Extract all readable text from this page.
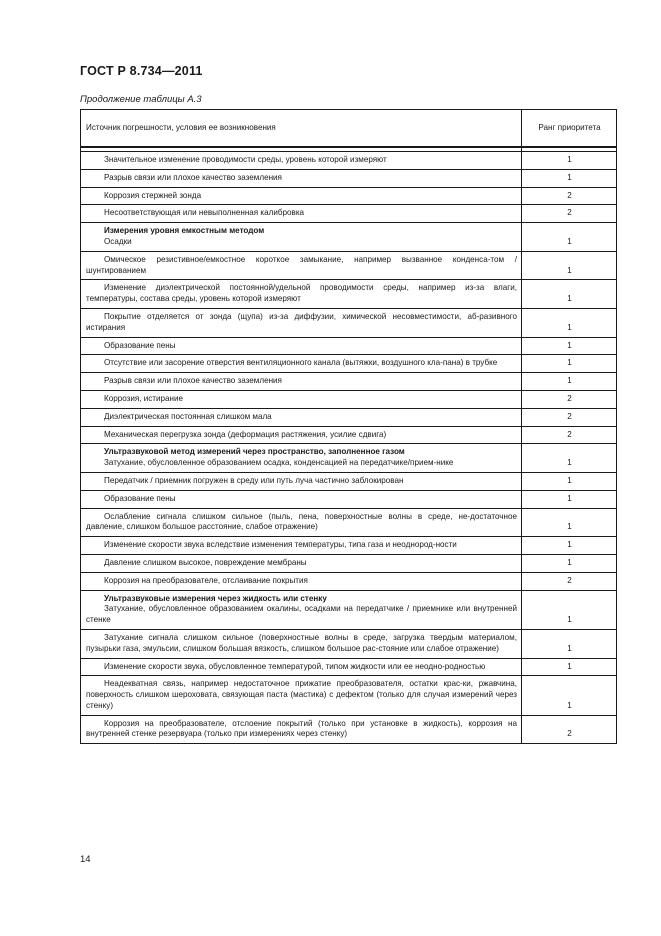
ГОСТ Р 8.734—2011
Продолжение таблицы А.3
Источник погрешности, условия ее возникновения	Ранг приоритета

Значительное изменение проводимости среды, уровень которой измеряют	1

Разрыв связи или плохое качество заземления	1

Коррозия стержней зонда	2

Несоответствующая или невыполненная калибровка	2

Измерения уровня емкостным методом
Осадки	1

Омическое резистивное/емкостное короткое замыкание, например вызванное конденса-том / шунтированием	1

Изменение диэлектрической постоянной/удельной проводимости среды, например из-за влаги, температуры, состава среды, уровень которой измеряют	1

Покрытие отделяется от зонда (щупа) из-за диффузии, химической несовместимости, аб-разивного истирания	1

Образование пены	1

Отсутствие или засорение отверстия вентиляционного канала (вытяжки, воздушного кла-пана) в трубке	1

Разрыв связи или плохое качество заземления	1

Коррозия, истирание	2

Диэлектрическая постоянная слишком мала	2

Механическая перегрузка зонда (деформация растяжения, усилие сдвига)	2

Ультразвуковой метод измерений через пространство, заполненное газом
Затухание, обусловленное образованием осадка, конденсацией на передатчике/прием-нике	1

Передатчик / приемник погружен в среду или путь луча частично заблокирован	1

Образование пены	1

Ослабление сигнала слишком сильное (пыль, пена, поверхностные волны в среде, не-достаточное давление, слишком большое расстояние, слабое отражение)	1

Изменение скорости звука вследствие изменения температуры, типа газа и неоднород-ности	1

Давление слишком высокое, повреждение мембраны	1

Коррозия на преобразователе, отслаивание покрытия	2

Ультразвуковые измерения через жидкость или стенку
Затухание, обусловленное образованием окалины, осадками на передатчике / приемнике или внутренней стенке	1

Затухание сигнала слишком сильное (поверхностные волны в среде, загрузка твердым материалом, пузырьки газа, эмульсии, слишком большая вязкость, слишком большое рас-стояние или слабое отражение)	1

Изменение скорости звука, обусловленное температурой, типом жидкости или ее неодно-родностью	1

Неадекватная связь, например недостаточное прижатие преобразователя, остатки крас-ки, ржавчина, поверхность слишком шероховата, связующая паста (мастика) с дефектом (только для случая измерений через стенку)	1

Коррозия на преобразователе, отслоение покрытий (только при установке в жидкость), коррозия на внутренней стенке резервуара (только при измерениях через стенку)	2
14
